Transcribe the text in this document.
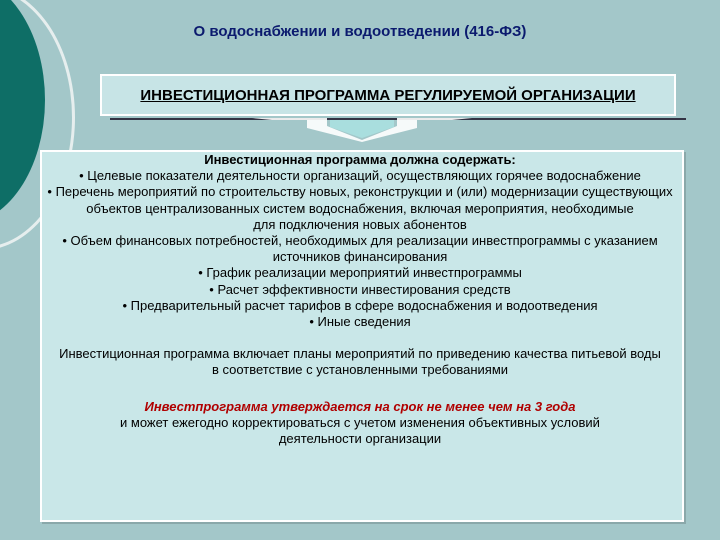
О водоснабжении и водоотведении (416-ФЗ)
ИНВЕСТИЦИОННАЯ ПРОГРАММА РЕГУЛИРУЕМОЙ ОРГАНИЗАЦИИ
Инвестиционная программа должна содержать:
• Целевые показатели деятельности организаций, осуществляющих горячее водоснабжение
• Перечень мероприятий по строительству новых, реконструкции и (или) модернизации существующих
объектов централизованных систем водоснабжения, включая мероприятия, необходимые
для подключения новых абонентов
• Объем финансовых потребностей, необходимых для реализации инвестпрограммы с указанием
источников финансирования
• График реализации мероприятий инвестпрограммы
• Расчет эффективности инвестирования средств
• Предварительный расчет тарифов в сфере водоснабжения и водоотведения
• Иные сведения
Инвестиционная программа включает планы мероприятий по приведению качества питьевой воды
в соответствие с установленными требованиями
Инвестпрограмма утверждается на срок не менее чем на 3 года
и может ежегодно корректироваться с учетом изменения объективных условий
деятельности организации
